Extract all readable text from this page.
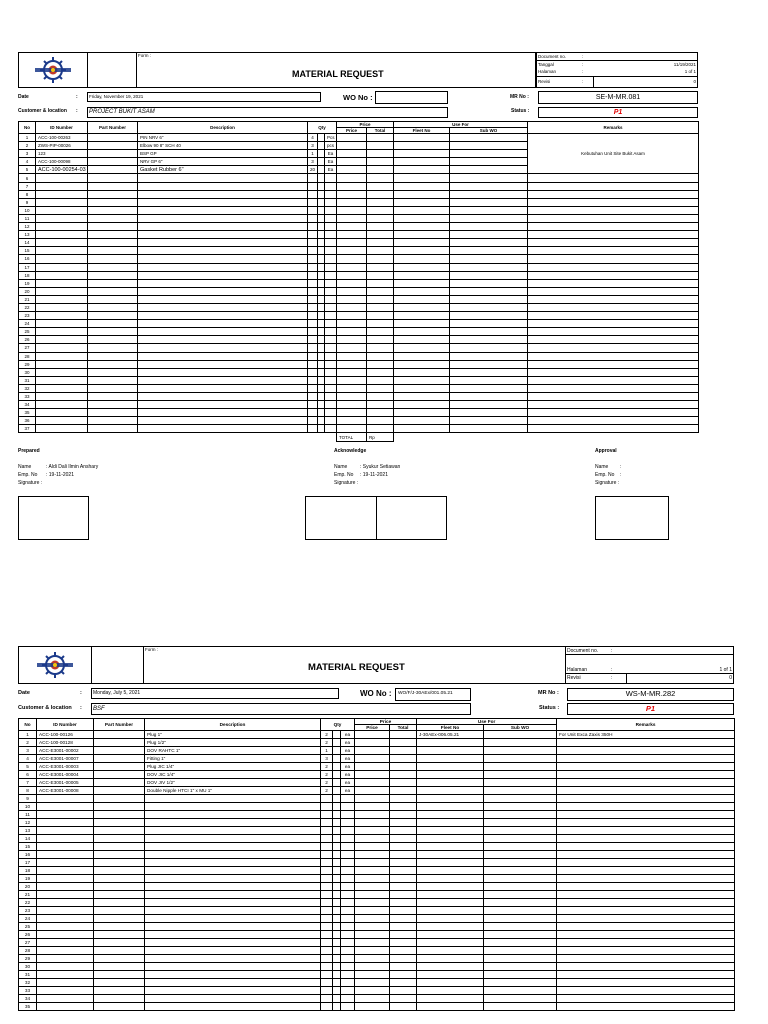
Form :
MATERIAL REQUEST
Document no.	:
Tanggal	:	11/19/2021
Halaman	:	1 of 1
Revisi	:	0
Date	:	Friday, November 19, 2021	WO No :	MR No :	SE-M-MR.081
Customer & location : PROJECT BUKIT ASAM	Status :	P1
No	ID Number	Part Number	Description	Qty			Price		Use For		Remarks
							Price	Total	Fleet No	Sub WO	
1	ACC-100-00263		PIN NRV 6"	4		Pcs					Kebutuhan Unit Site Bukit Asam
2	ZWS-PIP-00026		Elbow 90 8" SCH 40	3		pcs					
3	123		BSP GP	1		Ea					
4	ACC-100-00098		NRV GP 6"	3		Ea					
5	ACC-100-00254-03		Gasket Rubber 6"	20		Ea					
6											
7											
8											
9											
10											
11											
12											
13											
14											
15											
16											
17											
18											
19											
20											
21											
22											
23											
24											
25											
26											
27											
28											
29											
30											
31											
32											
33											
34											
35											
36											
37											
							TOTAL	Rp			
Prepared
Name	: Aldi Dali Ilmin Anshary
Emp. No : 19-11-2021
Signature :
Acknowledge
Name	: Syukur Setiawan
Emp. No : 19-11-2021
Signature :
Approval
Name :
Emp. No :
Signature :
Form :
MATERIAL REQUEST
Document no.	:
Halaman	:	1 of 1
Revisi	:	0
Date	: Monday, July 5, 2021	WO No : WO/F/J-30AEx/001.05.21	MR No :	WS-M-MR.282
Customer & location : BSF	Status :	P1
No	ID Number	Part Number	Description	Qty			Price		Use For		Remarks
							Price	Total	Fleet No	Sub WO	
1	ACC-100-00126		Plug 1"	2		ea			J-30AEx-006.05.21		For Unit Exca Zaxis 350H
2	ACC-100-00128		Plug 1/2"	2		ea					
3	ACC-E3001-00002		DOV RAHTC 1"	1		ea					
4	ACC-E3001-00007		Fitting 1"	3		ea					
5	ACC-E3001-00003		Plug JIC 1/4"	2		ea					
6	ACC-E3001-00004		DOV JIC 1/4"	2		ea					
7	ACC-E3001-00005		DOV JIV 1/2"	2		ea					
8	ACC-E3001-00008		Double Nipple HTCI 1" x MU 1"	2		ea					
9											
10											
11											
12											
13											
14											
15											
16											
17											
18											
19											
20											
21											
22											
23											
24											
25											
26											
27											
28											
29											
30											
31											
32											
33											
34											
35											
